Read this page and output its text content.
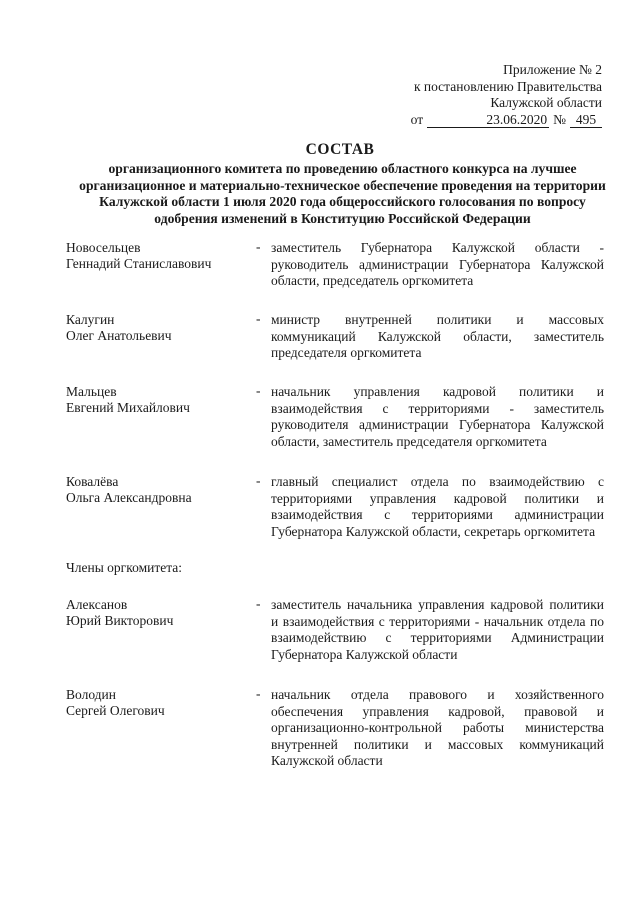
Приложение № 2
к постановлению Правительства
Калужской области
от	23.06.2020 № 495
СОСТАВ
организационного комитета по проведению областного конкурса на лучшее организационное и материально-техническое обеспечение проведения на территории Калужской области 1 июля 2020 года общероссийского голосования по вопросу одобрения изменений в Конституцию Российской Федерации
Новосельцев
Геннадий Станиславович
- заместитель Губернатора Калужской области - руководитель администрации Губернатора Калужской области, председатель оргкомитета
Калугин
Олег Анатольевич
- министр внутренней политики и массовых коммуникаций Калужской области, заместитель председателя оргкомитета
Мальцев
Евгений Михайлович
- начальник управления кадровой политики и взаимодействия с территориями - заместитель руководителя администрации Губернатора Калужской области, заместитель председателя оргкомитета
Ковалёва
Ольга Александровна
- главный специалист отдела по взаимодействию с территориями управления кадровой политики и взаимодействия с территориями администрации Губернатора Калужской области, секретарь оргкомитета
Члены оргкомитета:
Алексанов
Юрий Викторович
- заместитель начальника управления кадровой политики и взаимодействия с территориями - начальник отдела по взаимодействию с территориями Администрации Губернатора Калужской области
Володин
Сергей Олегович
- начальник отдела правового и хозяйственного обеспечения управления кадровой, правовой и организационно-контрольной работы министерства внутренней политики и массовых коммуникаций Калужской области
